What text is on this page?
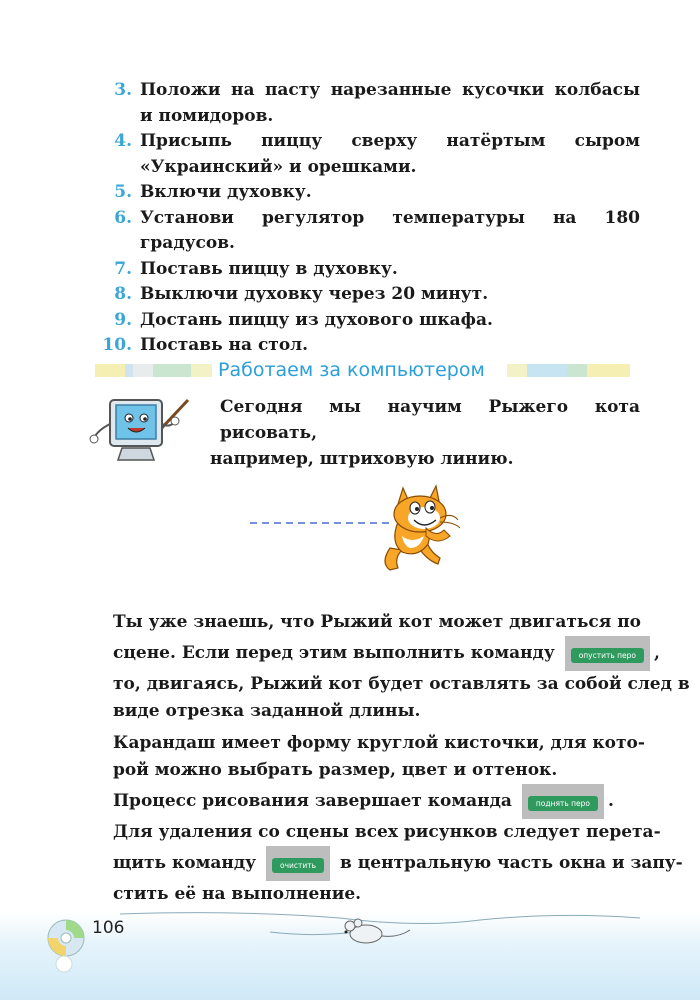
3. Положи на пасту нарезанные кусочки колбасы
и помидоров.
4. Присыпь пиццу сверху натёртым сыром
«Украинский» и орешками.
5. Включи духовку.
6. Установи регулятор температуры на 180 градусов.
7. Поставь пиццу в духовку.
8. Выключи духовку через 20 минут.
9. Достань пиццу из духового шкафа.
10. Поставь на стол.
Работаем за компьютером
Сегодня мы научим Рыжего кота рисовать,
например, штриховую линию.
Ты уже знаешь, что Рыжий кот может двигаться по
сцене. Если перед этим выполнить команду	опустить перо ,
то, двигаясь, Рыжий кот будет оставлять за собой след в
виде отрезка заданной длины.
Карандаш имеет форму круглой кисточки, для кото-
рой можно выбрать размер, цвет и оттенок.
Процесс рисования завершает команда	поднять перо .
Для удаления со сцены всех рисунков следует перета-
щить команду	очистить в центральную часть окна и запу-
стить её на выполнение.
106
